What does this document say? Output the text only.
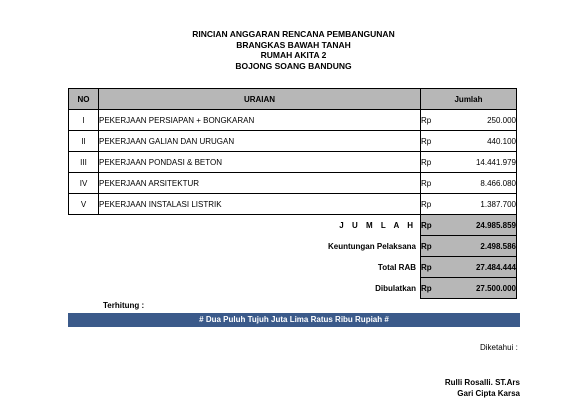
RINCIAN ANGGARAN RENCANA PEMBANGUNAN
BRANGKAS BAWAH TANAH
RUMAH AKITA 2
BOJONG SOANG BANDUNG
NO	URAIAN	Jumlah	
I	PEKERJAAN PERSIAPAN + BONGKARAN	Rp	250.000
II	PEKERJAAN GALIAN DAN URUGAN	Rp	440.100
III	PEKERJAAN PONDASI & BETON	Rp	14.441.979
IV	PEKERJAAN ARSITEKTUR	Rp	8.466.080
V	PEKERJAAN INSTALASI LISTRIK	Rp	1.387.700
J U M L A H		Rp	24.985.859
Keuntungan Pelaksana		Rp	2.498.586
Total RAB		Rp	27.484.444
Dibulatkan		Rp	27.500.000
Terhitung :
# Dua Puluh Tujuh Juta Lima Ratus Ribu Rupiah #
Diketahui :
Rulli Rosalli. ST.Ars
Gari Cipta Karsa
